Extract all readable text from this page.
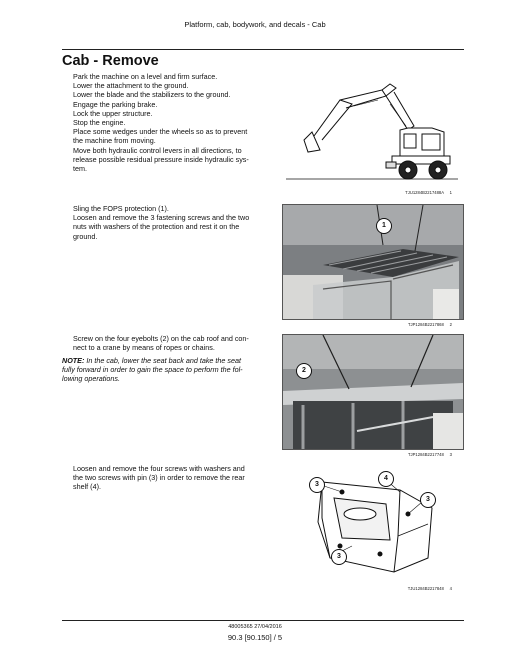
Platform, cab, bodywork, and decals - Cab
Cab - Remove

Park the machine on a level and firm surface.

Lower the attachment to the ground.

Lower the blade and the stabilizers to the ground.

Engage the parking brake.

Lock the upper structure.

Stop the engine.

Place some wedges under the wheels so as to prevent

the machine from moving.

Move both hydraulic control levers in all directions, to

release possible residual pressure inside hydraulic sys-

tem.

TJU1284B2217488A 1

Sling the FOPS protection (1).

Loosen and remove the 3 fastening screws and the two

nuts with washers of the protection and rest it on the

ground.

1
TJP1284B2217868 2

Screw on the four eyebolts (2) on the cab roof and con-

nect to a crane by means of ropes or chains.

NOTE: In the cab, lower the seat back and take the seat
fully forward in order to gain the space to perform the fol-
lowing operations.
2
TJP1284B2217748 3

Loosen and remove the four screws with washers and

the two screws with pin (3) in order to remove the rear

shelf (4).	3
4
3
3
TJU1284B2217848 4
48005365 27/04/2016
90.3 [90.150] / 5
